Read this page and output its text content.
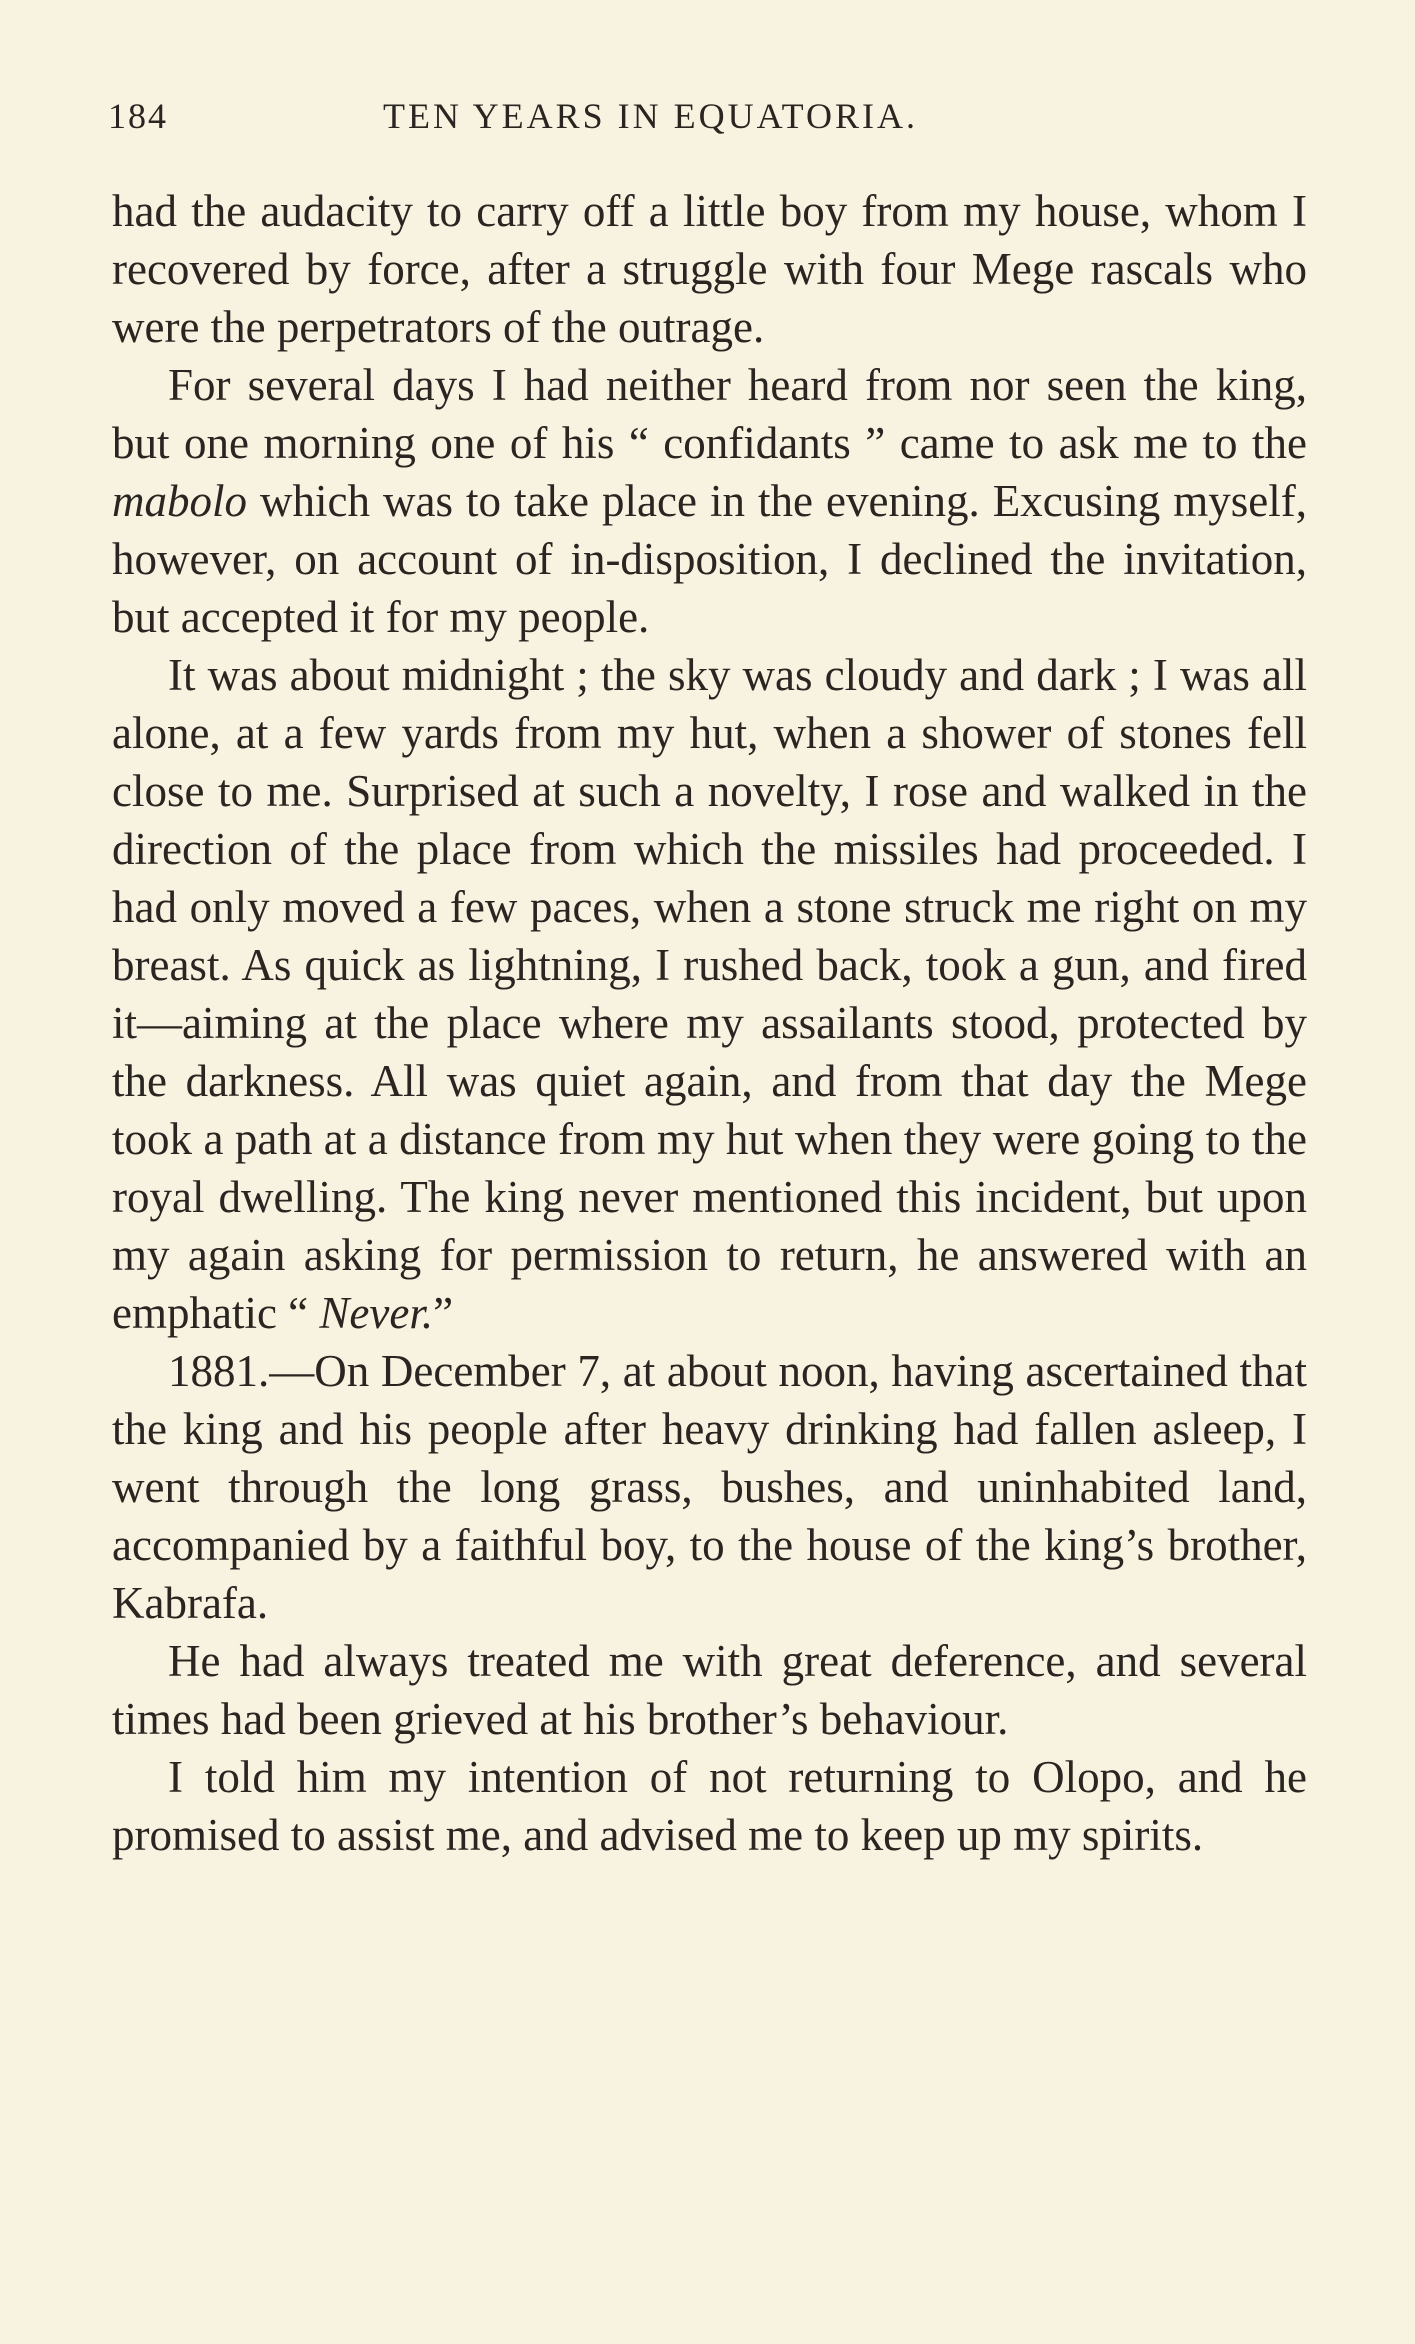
184	TEN YEARS IN EQUATORIA.

had the audacity to carry off a little boy from my house, whom I recovered by force, after a struggle with four Mege rascals who were the perpetrators of the outrage.

For several days I had neither heard from nor seen the king, but one morning one of his “ confidants ” came to ask me to the mabolo which was to take place in the evening. Excusing myself, however, on account of in-disposition, I declined the invitation, but accepted it for my people.

It was about midnight ; the sky was cloudy and dark ; I was all alone, at a few yards from my hut, when a shower of stones fell close to me. Surprised at such a novelty, I rose and walked in the direction of the place from which the missiles had proceeded. I had only moved a few paces, when a stone struck me right on my breast. As quick as lightning, I rushed back, took a gun, and fired it—aiming at the place where my assailants stood, protected by the darkness. All was quiet again, and from that day the Mege took a path at a distance from my hut when they were going to the royal dwelling. The king never mentioned this incident, but upon my again asking for permission to return, he answered with an emphatic “ Never.”

1881.—On December 7, at about noon, having ascertained that the king and his people after heavy drinking had fallen asleep, I went through the long grass, bushes, and uninhabited land, accompanied by a faithful boy, to the house of the king’s brother, Kabrafa.

He had always treated me with great deference, and several times had been grieved at his brother’s behaviour.

I told him my intention of not returning to Olopo, and he promised to assist me, and advised me to keep up my spirits.
